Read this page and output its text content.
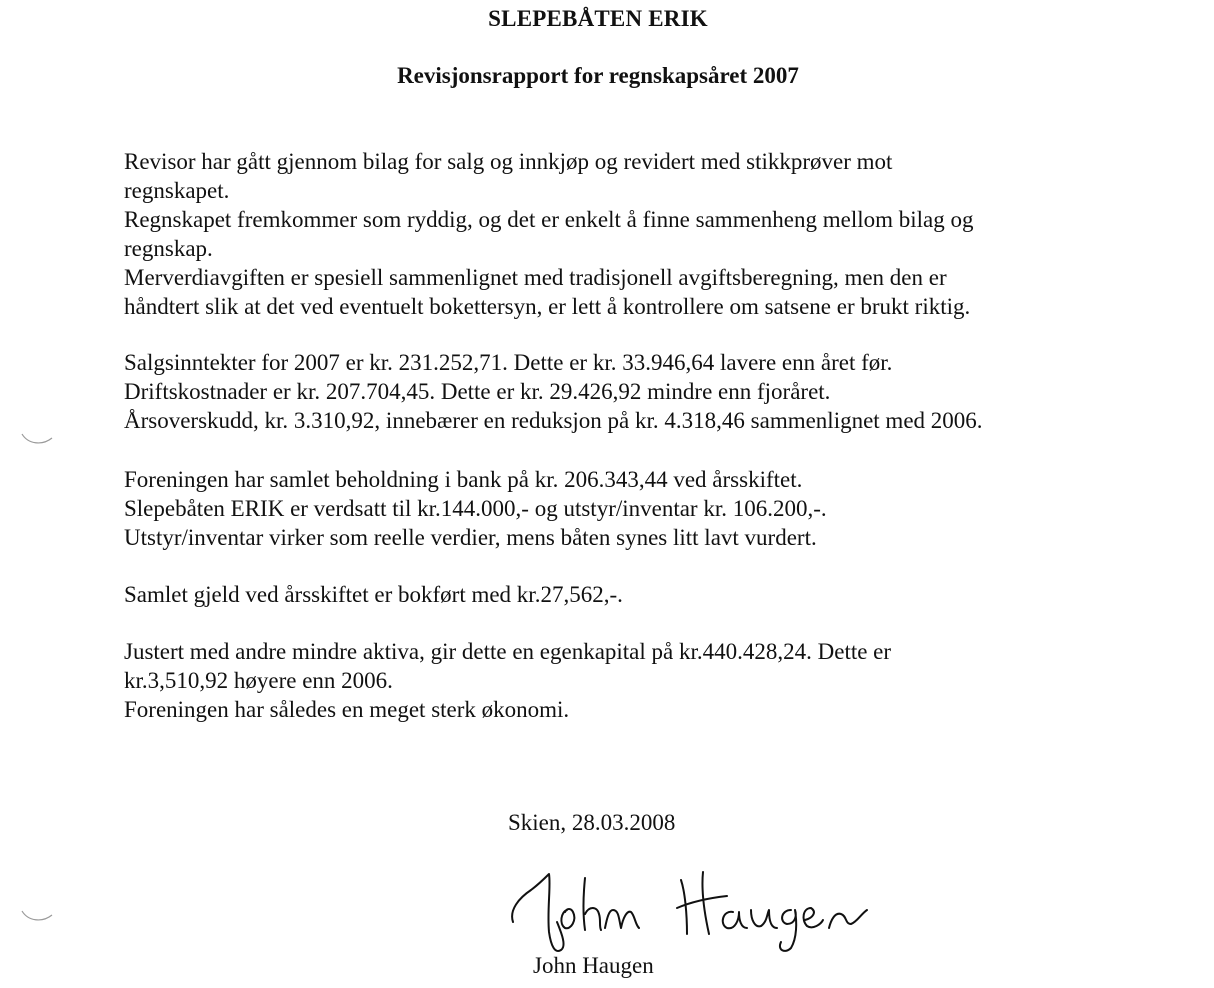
SLEPEBÅTEN ERIK
Revisjonsrapport for regnskapsåret 2007
Revisor har gått gjennom bilag for salg og innkjøp og revidert med stikkprøver mot
regnskapet.
Regnskapet fremkommer som ryddig, og det er enkelt å finne sammenheng mellom bilag og
regnskap.
Merverdiavgiften er spesiell sammenlignet med tradisjonell avgiftsberegning, men den er
håndtert slik at det ved eventuelt bokettersyn, er lett å kontrollere om satsene er brukt riktig.
Salgsinntekter for 2007 er kr. 231.252,71. Dette er kr. 33.946,64 lavere enn året før.
Driftskostnader er kr. 207.704,45. Dette er kr. 29.426,92 mindre enn fjoråret.
Årsoverskudd, kr. 3.310,92, innebærer en reduksjon på kr. 4.318,46 sammenlignet med 2006.
Foreningen har samlet beholdning i bank på kr. 206.343,44 ved årsskiftet.
Slepebåten ERIK er verdsatt til kr.144.000,- og utstyr/inventar kr. 106.200,-.
Utstyr/inventar virker som reelle verdier, mens båten synes litt lavt vurdert.
Samlet gjeld ved årsskiftet er bokført med kr.27,562,-.
Justert med andre mindre aktiva, gir dette en egenkapital på kr.440.428,24. Dette er
kr.3,510,92 høyere enn 2006.
Foreningen har således en meget sterk økonomi.
Skien, 28.03.2008
John Haugen
